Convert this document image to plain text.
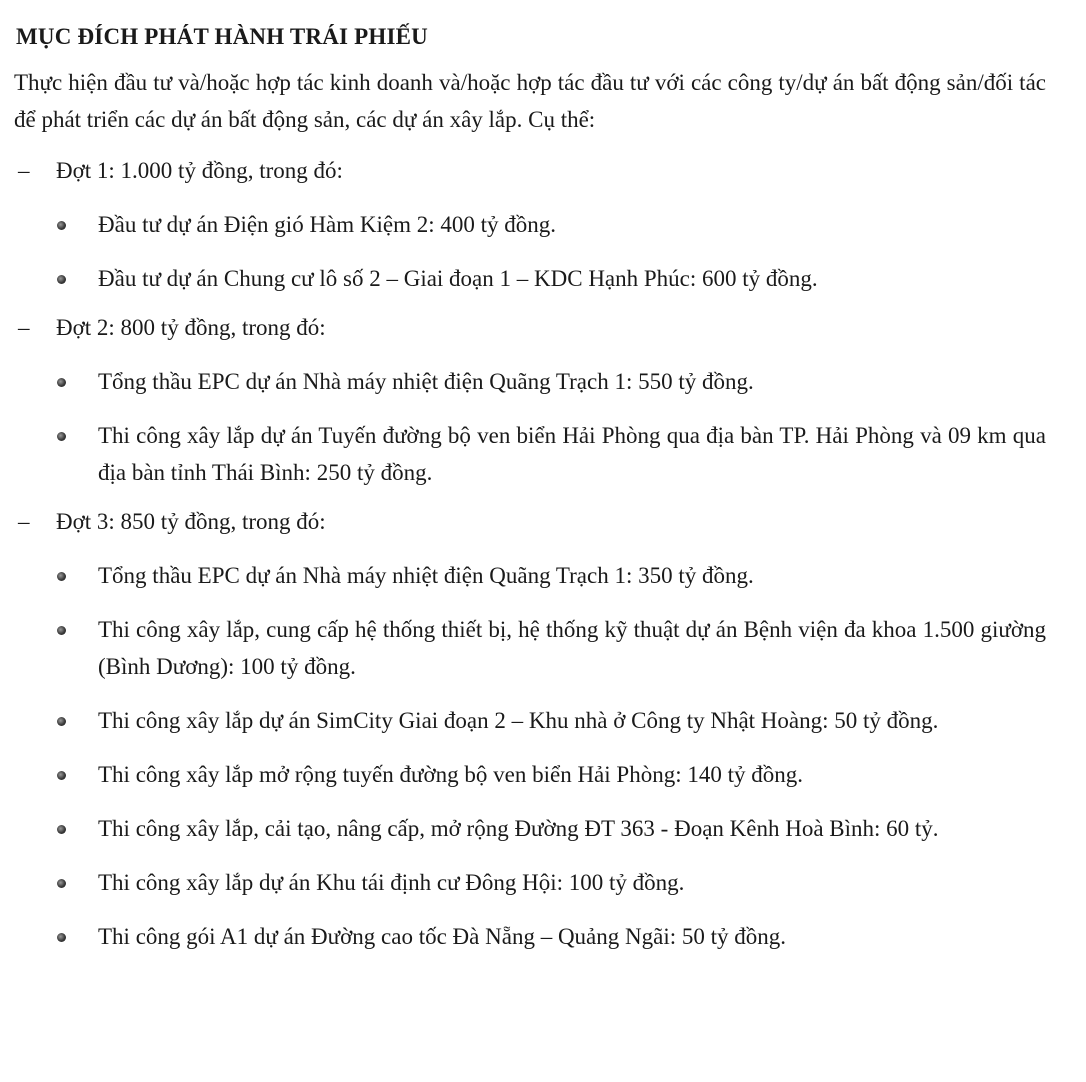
MỤC ĐÍCH PHÁT HÀNH TRÁI PHIẾU
Thực hiện đầu tư và/hoặc hợp tác kinh doanh và/hoặc hợp tác đầu tư với các công ty/dự án bất động sản/đối tác để phát triển các dự án bất động sản, các dự án xây lắp. Cụ thể:
– Đợt 1: 1.000 tỷ đồng, trong đó:
Đầu tư dự án Điện gió Hàm Kiệm 2: 400 tỷ đồng.
Đầu tư dự án Chung cư lô số 2 – Giai đoạn 1 – KDC Hạnh Phúc: 600 tỷ đồng.
– Đợt 2: 800 tỷ đồng, trong đó:
Tổng thầu EPC dự án Nhà máy nhiệt điện Quãng Trạch 1: 550 tỷ đồng.
Thi công xây lắp dự án Tuyến đường bộ ven biển Hải Phòng qua địa bàn TP. Hải Phòng và 09 km qua địa bàn tỉnh Thái Bình: 250 tỷ đồng.
– Đợt 3: 850 tỷ đồng, trong đó:
Tổng thầu EPC dự án Nhà máy nhiệt điện Quãng Trạch 1: 350 tỷ đồng.
Thi công xây lắp, cung cấp hệ thống thiết bị, hệ thống kỹ thuật dự án Bệnh viện đa khoa 1.500 giường (Bình Dương): 100 tỷ đồng.
Thi công xây lắp dự án SimCity Giai đoạn 2 – Khu nhà ở Công ty Nhật Hoàng: 50 tỷ đồng.
Thi công xây lắp mở rộng tuyến đường bộ ven biển Hải Phòng: 140 tỷ đồng.
Thi công xây lắp, cải tạo, nâng cấp, mở rộng Đường ĐT 363 - Đoạn Kênh Hoà Bình: 60 tỷ.
Thi công xây lắp dự án Khu tái định cư Đông Hội: 100 tỷ đồng.
Thi công gói A1 dự án Đường cao tốc Đà Nẵng – Quảng Ngãi: 50 tỷ đồng.
